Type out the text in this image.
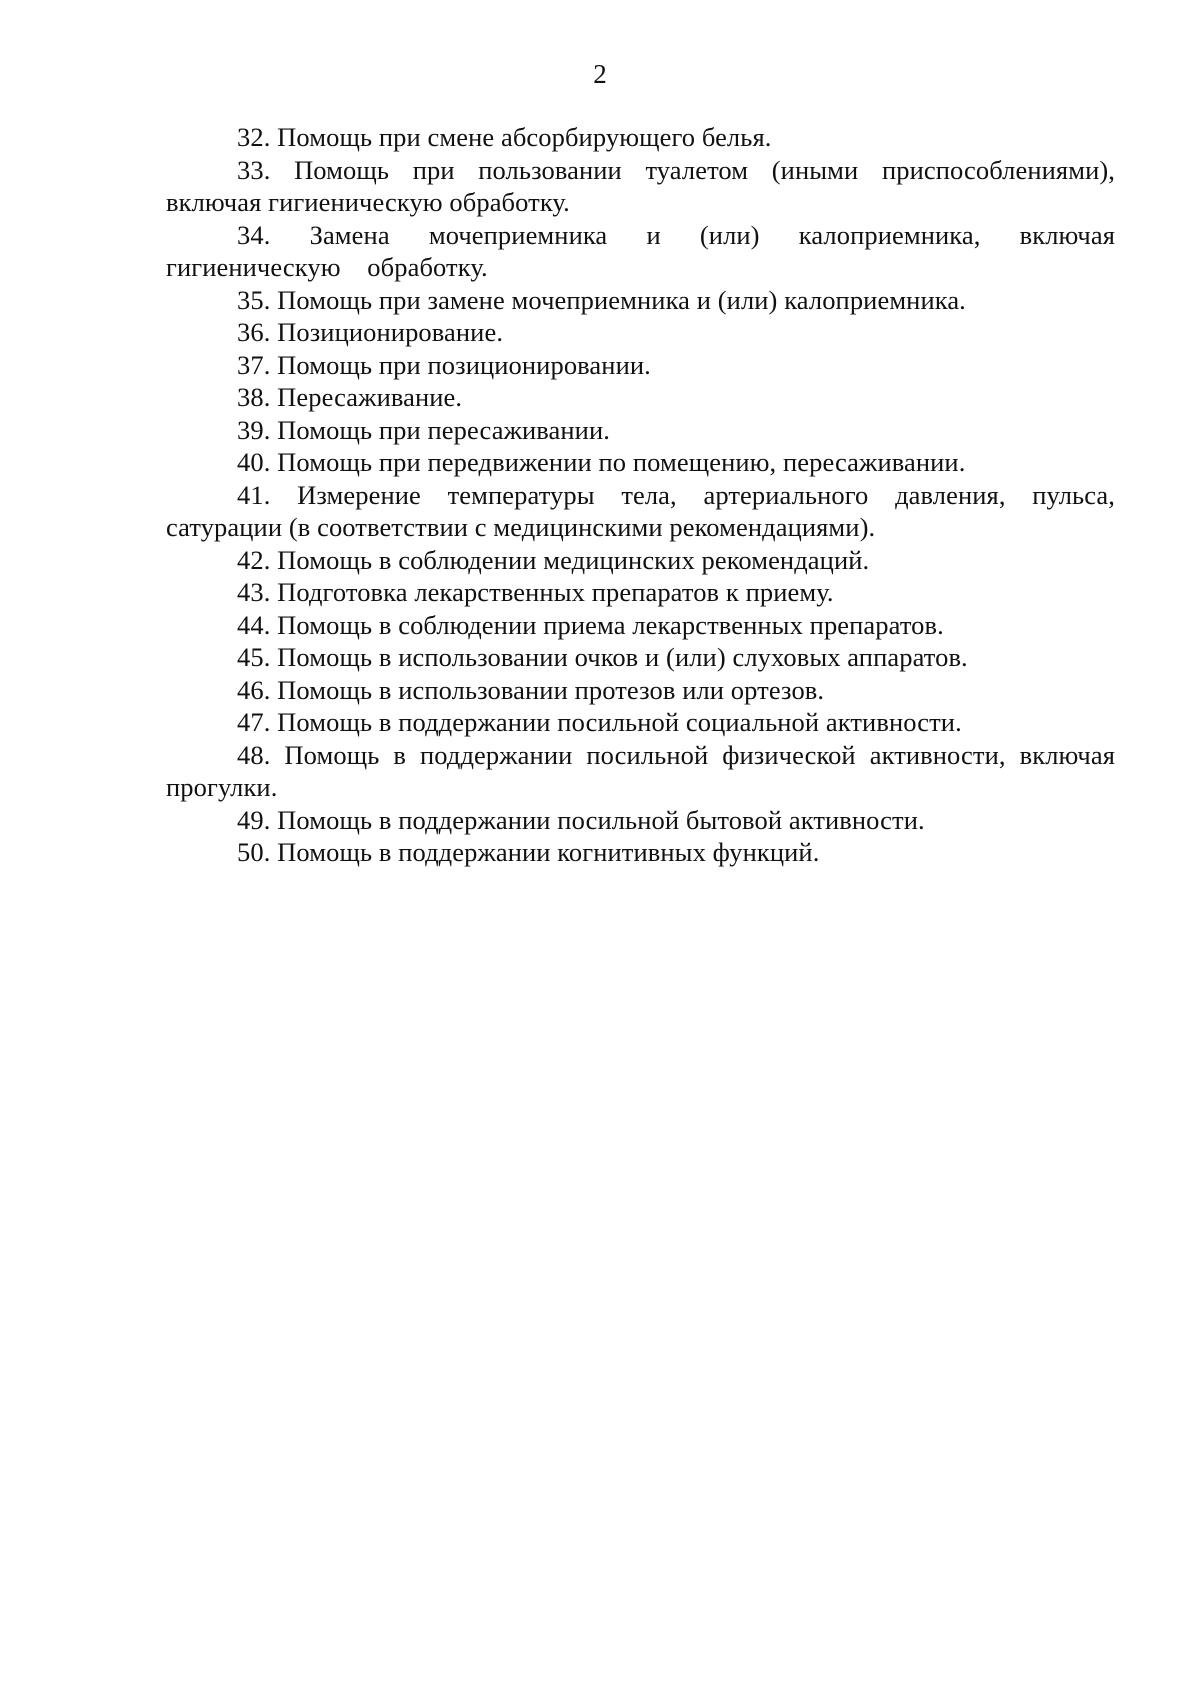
2

32. Помощь при смене абсорбирующего белья.

33. Помощь при пользовании туалетом (иными приспособлениями), включая гигиеническую обработку.

34. Замена мочеприемника и (или) калоприемника, включая гигиеническую обработку.

35. Помощь при замене мочеприемника и (или) калоприемника.

36. Позиционирование.

37. Помощь при позиционировании.

38. Пересаживание.

39. Помощь при пересаживании.

40. Помощь при передвижении по помещению, пересаживании.

41. Измерение температуры тела, артериального давления, пульса, сатурации (в соответствии с медицинскими рекомендациями).

42. Помощь в соблюдении медицинских рекомендаций.

43. Подготовка лекарственных препаратов к приему.

44. Помощь в соблюдении приема лекарственных препаратов.

45. Помощь в использовании очков и (или) слуховых аппаратов.

46. Помощь в использовании протезов или ортезов.

47. Помощь в поддержании посильной социальной активности.

48. Помощь в поддержании посильной физической активности, включая прогулки.

49. Помощь в поддержании посильной бытовой активности.

50. Помощь в поддержании когнитивных функций.
